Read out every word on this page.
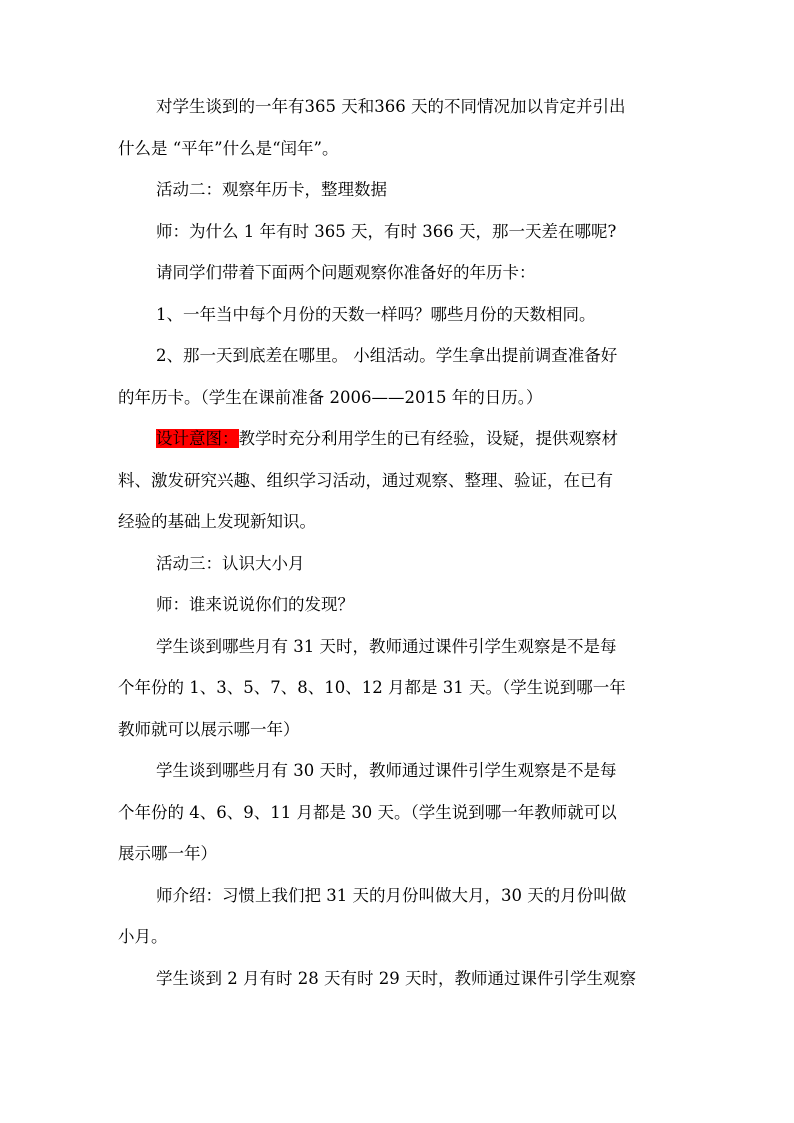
对学生谈到的一年有365 天和366 天的不同情况加以肯定并引出

什么是 “平年”什么是“闰年”。

活动二：观察年历卡，整理数据

师：为什么 1 年有时 365 天，有时 366 天，那一天差在哪呢?

请同学们带着下面两个问题观察你准备好的年历卡：

1、一年当中每个月份的天数一样吗？哪些月份的天数相同。

2、那一天到底差在哪里。 小组活动。学生拿出提前调查准备好

的年历卡。（学生在课前准备 2006——2015 年的日历。）

设计意图：教学时充分利用学生的已有经验，设疑，提供观察材

料、激发研究兴趣、组织学习活动，通过观察、整理、验证，在已有

经验的基础上发现新知识。

活动三：认识大小月

师：谁来说说你们的发现？

学生谈到哪些月有 31 天时，教师通过课件引学生观察是不是每

个年份的 1、3、5、7、8、10、12 月都是 31 天。（学生说到哪一年

教师就可以展示哪一年）

学生谈到哪些月有 30 天时，教师通过课件引学生观察是不是每

个年份的 4、6、9、11 月都是 30 天。（学生说到哪一年教师就可以

展示哪一年）

师介绍：习惯上我们把 31 天的月份叫做大月，30 天的月份叫做

小月。

学生谈到 2 月有时 28 天有时 29 天时，教师通过课件引学生观察
